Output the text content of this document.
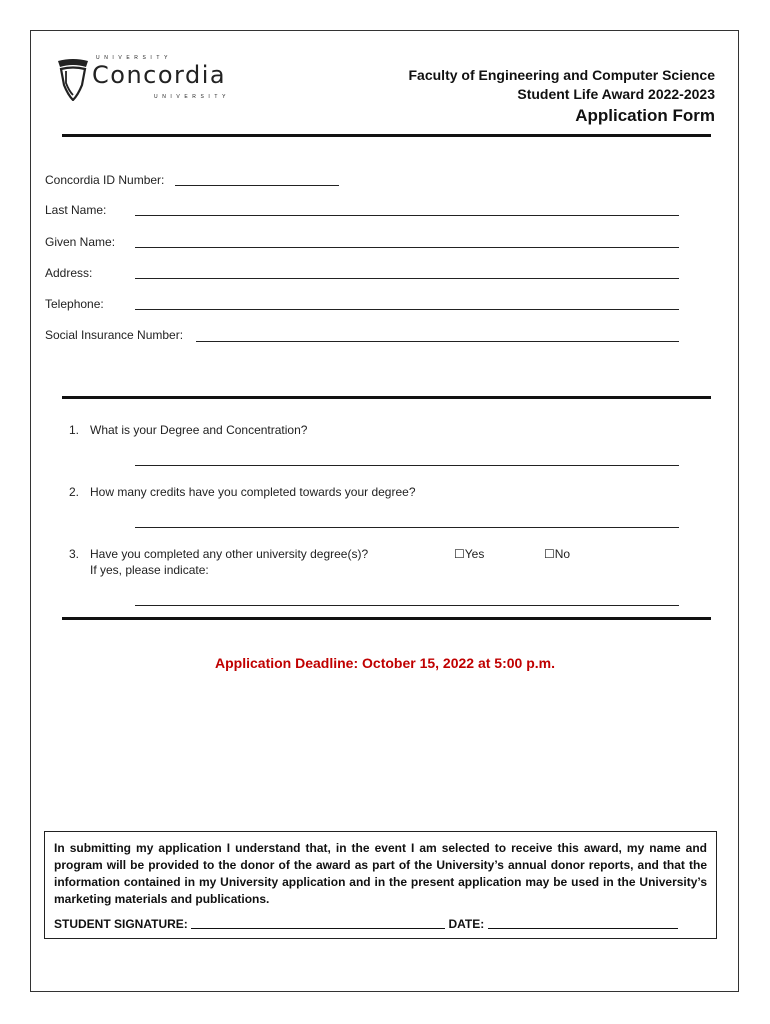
UNIVERSITY
Concordia
UNIVERSITY
Faculty of Engineering and Computer Science
Student Life Award 2022-2023
Application Form
Concordia ID Number:
Last Name:
Given Name:
Address:
Telephone:
Social Insurance Number:
1. What is your Degree and Concentration?
2. How many credits have you completed towards your degree?
3. Have you completed any other university degree(s)?
If yes, please indicate:
☐Yes	☐No
Application Deadline: October 15, 2022 at 5:00 p.m.
In submitting my application I understand that, in the event I am selected to receive this award, my name and program will be provided to the donor of the award as part of the University’s annual donor reports, and that the information contained in my University application and in the present application may be used in the University’s marketing materials and publications.
STUDENT SIGNATURE:	DATE:
